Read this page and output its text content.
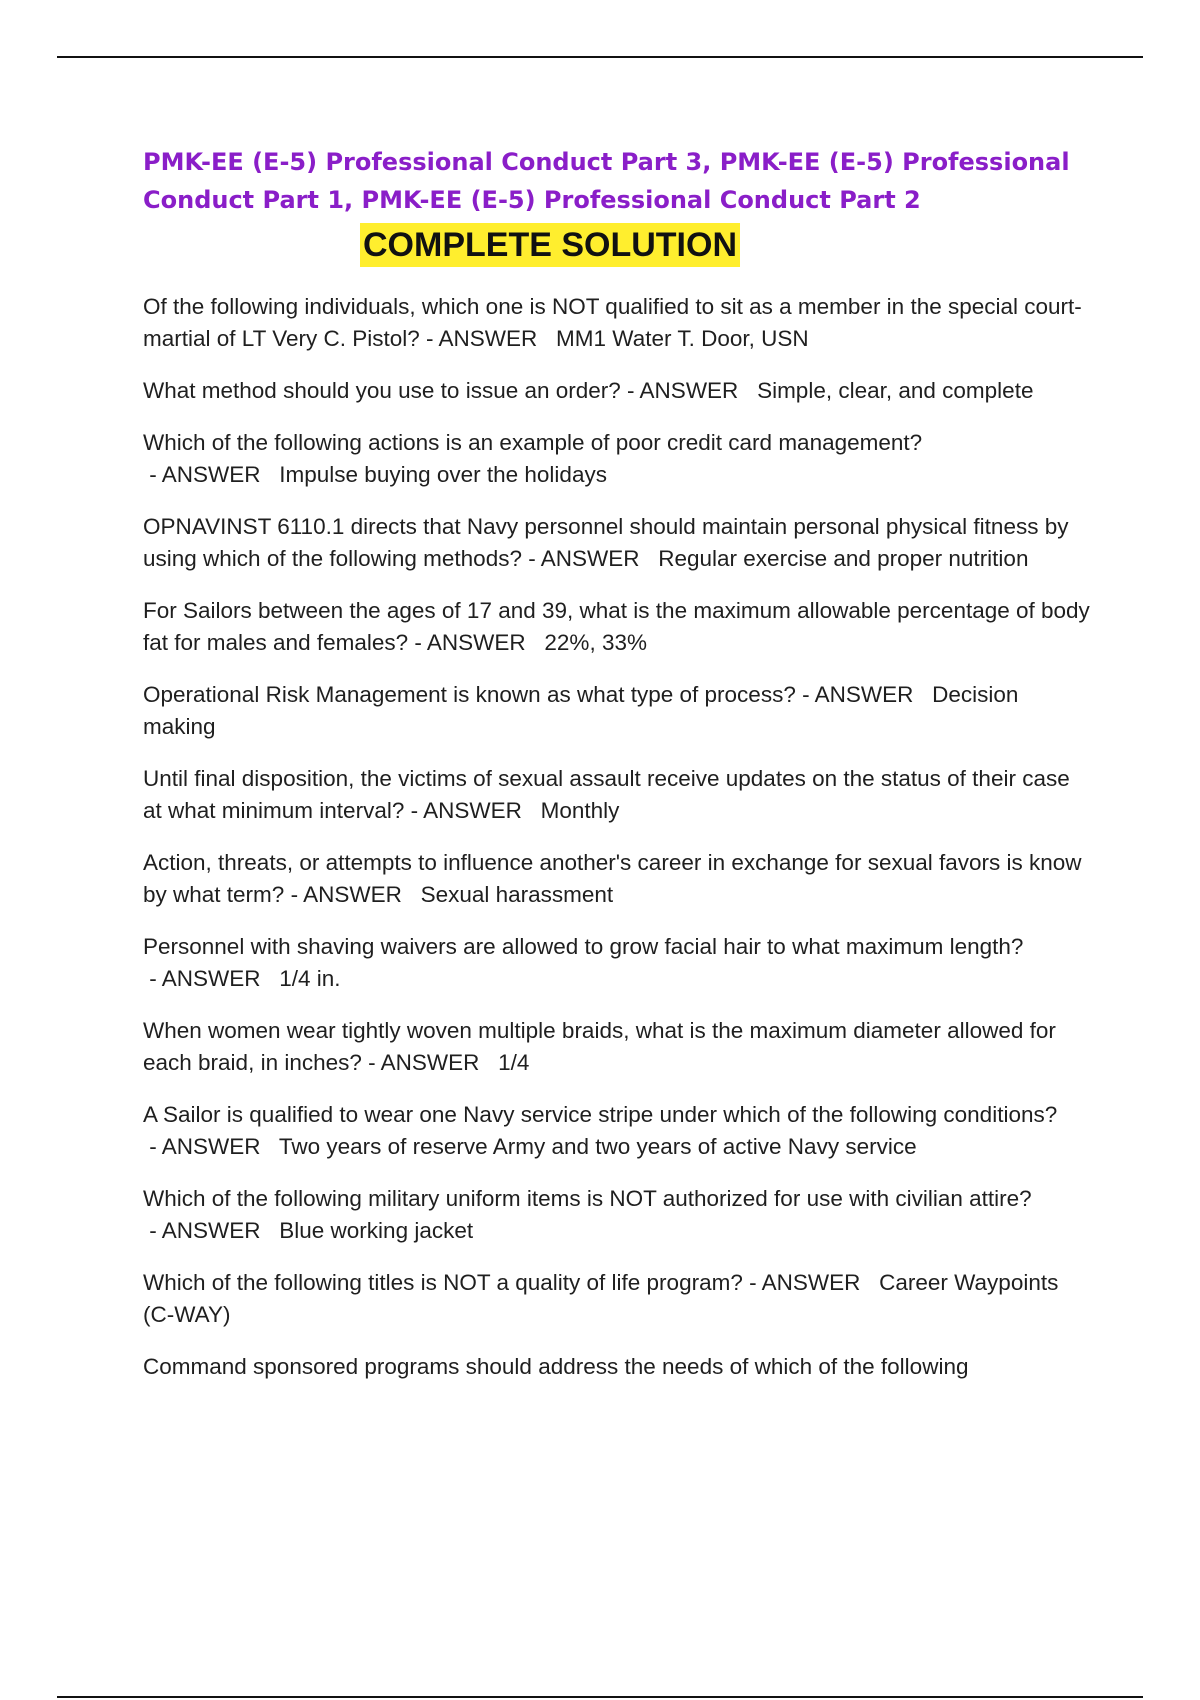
PMK-EE (E-5) Professional Conduct Part 3, PMK-EE (E-5) Professional Conduct Part 1, PMK-EE (E-5) Professional Conduct Part 2
COMPLETE SOLUTION

Of the following individuals, which one is NOT qualified to sit as a member in the special court-martial of LT Very C. Pistol? - ANSWER   MM1 Water T. Door, USN

What method should you use to issue an order? - ANSWER   Simple, clear, and complete

Which of the following actions is an example of poor credit card management? - ANSWER   Impulse buying over the holidays

OPNAVINST 6110.1 directs that Navy personnel should maintain personal physical fitness by using which of the following methods? - ANSWER   Regular exercise and proper nutrition

For Sailors between the ages of 17 and 39, what is the maximum allowable percentage of body fat for males and females? - ANSWER   22%, 33%

Operational Risk Management is known as what type of process? - ANSWER   Decision making

Until final disposition, the victims of sexual assault receive updates on the status of their case at what minimum interval? - ANSWER   Monthly

Action, threats, or attempts to influence another's career in exchange for sexual favors is know by what term? - ANSWER   Sexual harassment

Personnel with shaving waivers are allowed to grow facial hair to what maximum length? - ANSWER   1/4 in.

When women wear tightly woven multiple braids, what is the maximum diameter allowed for each braid, in inches? - ANSWER   1/4

A Sailor is qualified to wear one Navy service stripe under which of the following conditions? - ANSWER   Two years of reserve Army and two years of active Navy service

Which of the following military uniform items is NOT authorized for use with civilian attire? - ANSWER   Blue working jacket

Which of the following titles is NOT a quality of life program? - ANSWER   Career Waypoints (C-WAY)

Command sponsored programs should address the needs of which of the following
